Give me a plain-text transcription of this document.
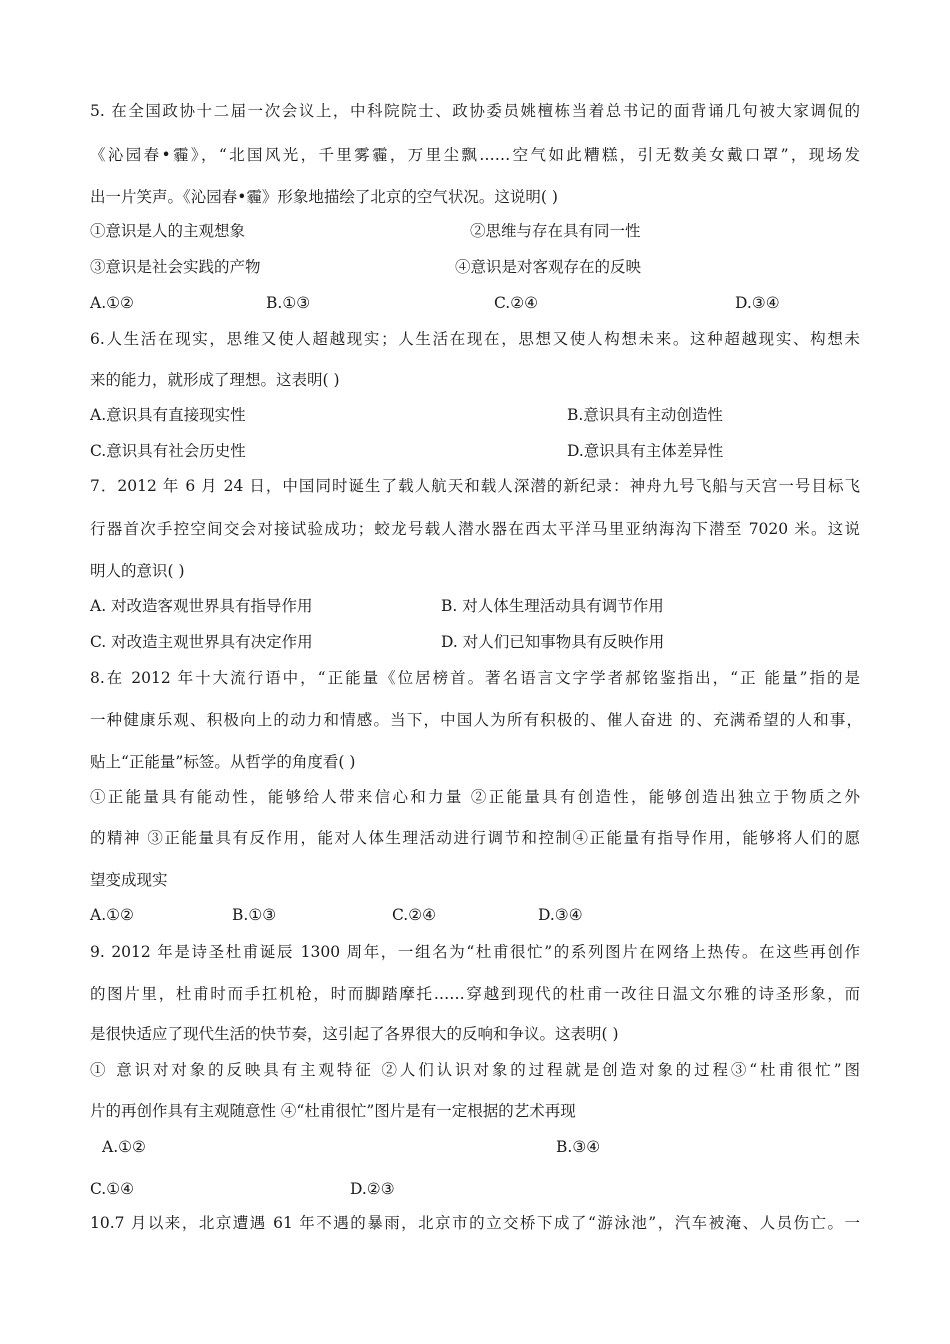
5. 在全国政协十二届一次会议上，中科院院士、政协委员姚檀栋当着总书记的面背诵几句被大家调侃的

《沁园春•霾》，“北国风光，千里雾霾，万里尘飘……空气如此糟糕，引无数美女戴口罩”，现场发

出一片笑声。《沁园春•霾》形象地描绘了北京的空气状况。这说明( )

①意识是人的主观想象	②思维与存在具有同一性

③意识是社会实践的产物	④意识是对客观存在的反映

A.①②	B.①③	C.②④	D.③④

6.人生活在现实，思维又使人超越现实；人生活在现在，思想又使人构想未来。这种超越现实、构想未

来的能力，就形成了理想。这表明( )

A.意识具有直接现实性	B.意识具有主动创造性

C.意识具有社会历史性	D.意识具有主体差异性

7．2012 年 6 月 24 日，中国同时诞生了载人航天和载人深潜的新纪录：神舟九号飞船与天宫一号目标飞

行器首次手控空间交会对接试验成功；蛟龙号载人潜水器在西太平洋马里亚纳海沟下潜至 7020 米。这说

明人的意识( )

A. 对改造客观世界具有指导作用	B. 对人体生理活动具有调节作用

C. 对改造主观世界具有决定作用	D. 对人们已知事物具有反映作用

8.在 2012 年十大流行语中，“正能量《位居榜首。著名语言文字学者郝铭鉴指出，“正 能量”指的是

一种健康乐观、积极向上的动力和情感。当下，中国人为所有积极的、催人奋进 的、充满希望的人和事，

贴上“正能量”标签。从哲学的角度看( )

①正能量具有能动性，能够给人带来信心和力量 ②正能量具有创造性，能够创造出独立于物质之外

的精神 ③正能量具有反作用，能对人体生理活动进行调节和控制④正能量有指导作用，能够将人们的愿

望变成现实

A.①②	B.①③	C.②④	D.③④

9. 2012 年是诗圣杜甫诞辰 1300 周年，一组名为“杜甫很忙”的系列图片在网络上热传。在这些再创作

的图片里，杜甫时而手扛机枪，时而脚踏摩托……穿越到现代的杜甫一改往日温文尔雅的诗圣形象，而

是很快适应了现代生活的快节奏，这引起了各界很大的反响和争议。这表明( )

① 意识对对象的反映具有主观特征 ②人们认识对象的过程就是创造对象的过程③“杜甫很忙”图

片的再创作具有主观随意性 ④“杜甫很忙”图片是有一定根据的艺术再现

A.①②	B.③④

C.①④	D.②③

10.7 月以来，北京遭遇 61 年不遇的暴雨，北京市的立交桥下成了“游泳池”，汽车被淹、人员伤亡。一
